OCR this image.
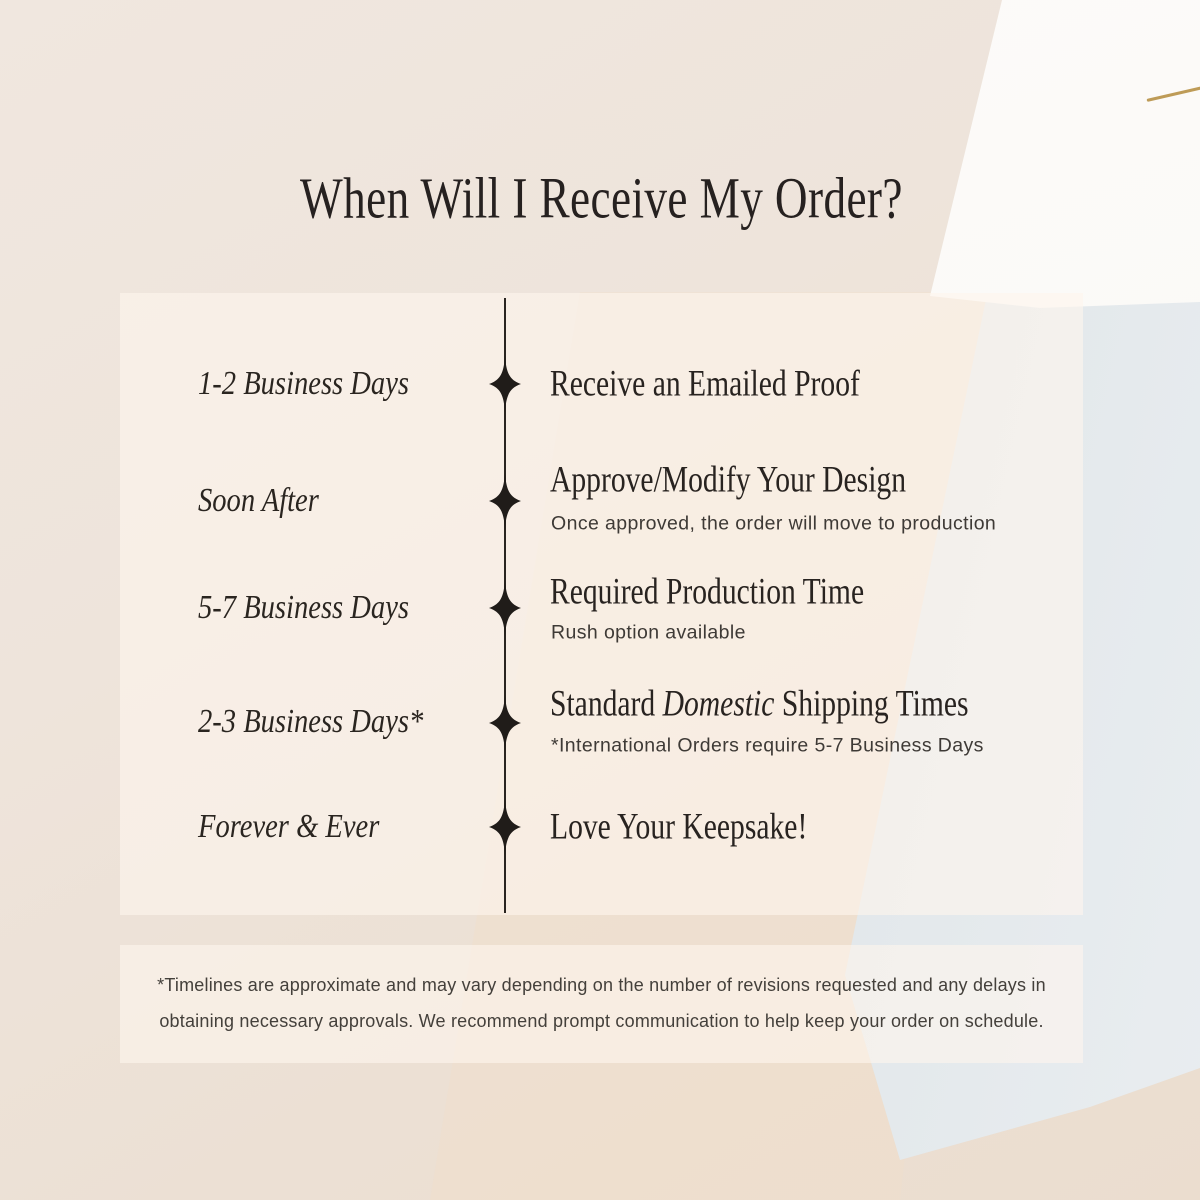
When Will I Receive My Order?
1-2 Business Days	Receive an Emailed Proof
Soon After	Approve/Modify Your Design
Once approved, the order will move to production
5-7 Business Days	Required Production Time
Rush option available
2-3 Business Days*	Standard Domestic Shipping Times
*International Orders require 5-7 Business Days
Forever & Ever	Love Your Keepsake!
*Timelines are approximate and may vary depending on the number of revisions requested and any delays in
obtaining necessary approvals. We recommend prompt communication to help keep your order on schedule.
